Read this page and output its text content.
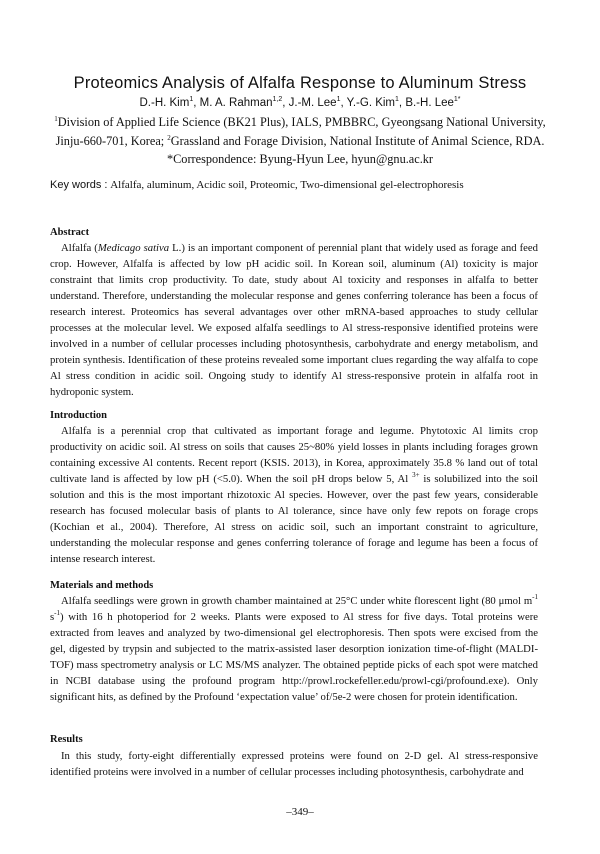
Proteomics Analysis of Alfalfa Response to Aluminum Stress
D.-H. Kim$^1$, M. A. Rahman$^{1,2}$, J.-M. Lee$^1$, Y.-G. Kim$^1$, B.-H. Lee$^{1*}$
$^1$Division of Applied Life Science (BK21 Plus), IALS, PMBBRC, Gyeongsang National University,
Jinju-660-701, Korea; $^2$Grassland and Forage Division, National Institute of Animal Science, RDA.
*Correspondence: Byung-Hyun Lee, hyun@gnu.ac.kr
Key words : Alfalfa, aluminum, Acidic soil, Proteomic, Two-dimensional gel-electrophoresis
Abstract
Alfalfa (Medicago sativa L.) is an important component of perennial plant that widely used as forage and feed crop. However, Alfalfa is affected by low pH acidic soil. In Korean soil, aluminum (Al) toxicity is major constraint that limits crop productivity. To date, study about Al toxicity and responses in alfalfa to better understand. Therefore, understanding the molecular response and genes conferring tolerance has been a focus of research interest. Proteomics has several advantages over other mRNA-based approaches to study cellular processes at the molecular level. We exposed alfalfa seedlings to Al stress-responsive identified proteins were involved in a number of cellular processes including photosynthesis, carbohydrate and energy metabolism, and protein synthesis. Identification of these proteins revealed some important clues regarding the way alfalfa to cope Al stress condition in acidic soil. Ongoing study to identify Al stress-responsive protein in alfalfa root in hydroponic system.
Introduction
Alfalfa is a perennial crop that cultivated as important forage and legume. Phytotoxic Al limits crop productivity on acidic soil. Al stress on soils that causes 25~80% yield losses in plants including forages grown containing excessive Al contents. Recent report (KSIS. 2013), in Korea, approximately 35.8 % land out of total cultivate land is affected by low pH (<5.0). When the soil pH drops below 5, Al $^{3+}$ is solubilized into the soil solution and this is the most important rhizotoxic Al species. However, over the past few years, considerable research has focused molecular basis of plants to Al tolerance, since have only few repots on forage crops (Kochian et al., 2004). Therefore, Al stress on acidic soil, such an important constraint to agriculture, understanding the molecular response and genes conferring tolerance of forage and legume has been a focus of intense research interest.
Materials and methods
Alfalfa seedlings were grown in growth chamber maintained at 25°C under white florescent light (80 μmol $m^{-1}$ $s^{-1}$) with 16 h photoperiod for 2 weeks. Plants were exposed to Al stress for five days. Total proteins were extracted from leaves and analyzed by two-dimensional gel electrophoresis. Then spots were excised from the gel, digested by trypsin and subjected to the matrix-assisted laser desorption ionization time-of-flight (MALDI-TOF) mass spectrometry analysis or LC MS/MS analyzer. The obtained peptide picks of each spot were matched in NCBI database using the profound program http://prowl.rockefeller.edu/prowl-cgi/profound.exe). Only significant hits, as defined by the Profound ‘expectation value’ of/5e-2 were chosen for protein identification.
Results
In this study, forty-eight differentially expressed proteins were found on 2-D gel. Al stress-responsive identified proteins were involved in a number of cellular processes including photosynthesis, carbohydrate and
–349–
